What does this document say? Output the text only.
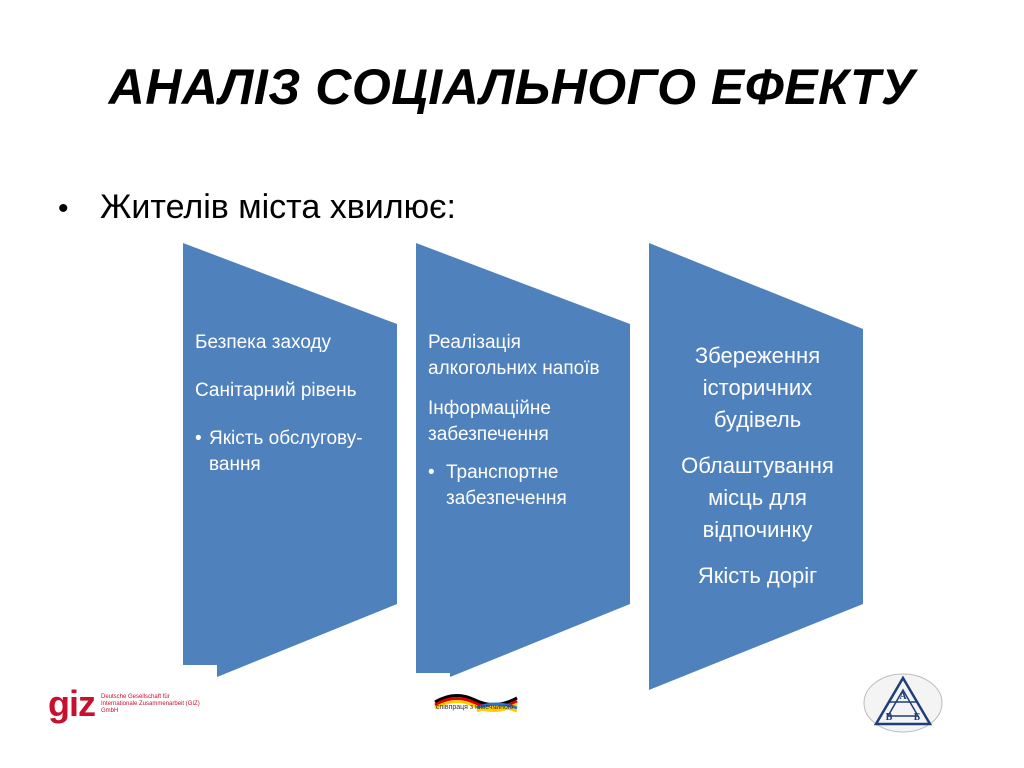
АНАЛІЗ СОЦІАЛЬНОГО ЕФЕКТУ
• Жителів міста хвилює:

Безпека заходу

Санітарний рівень

• Якість обслугову-вання

Реалізація алкогольних напоїв

Інформаційне забезпечення

• Транспортне забезпечення

Збереження історичних будівель

Облаштування місць для відпочинку

Якість доріг

giz Deutsche Gesellschaft für Internationale Zusammenarbeit (GIZ) GmbH	співпраця з німеччиною
А
В Б
